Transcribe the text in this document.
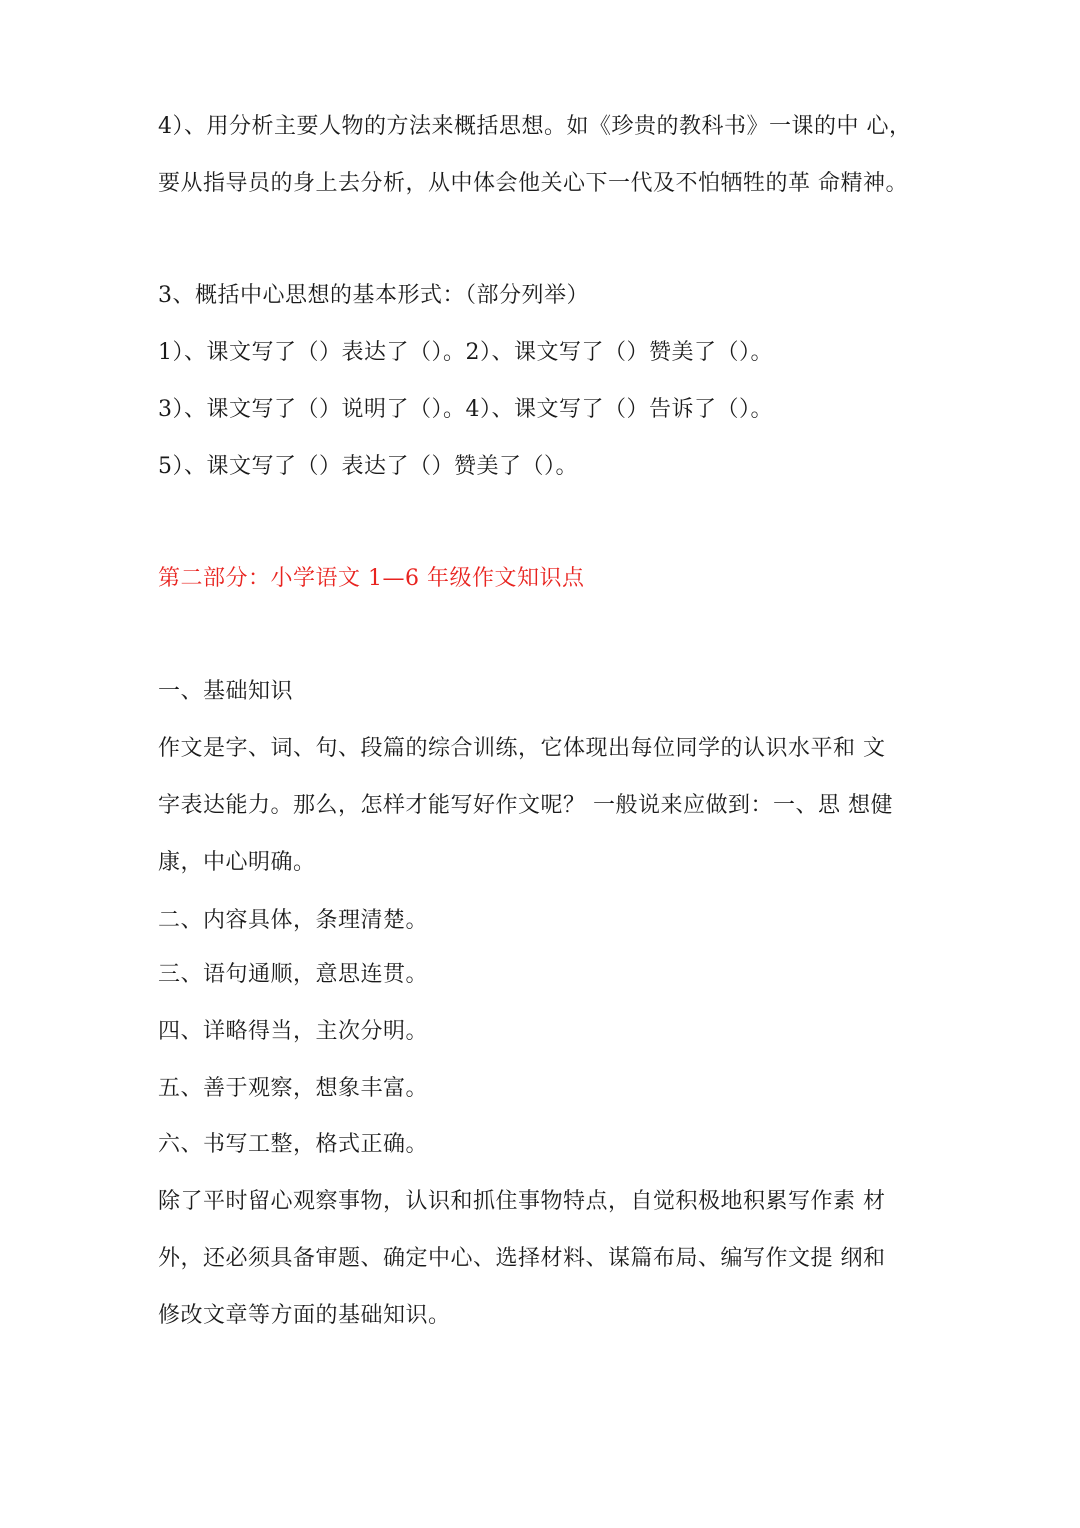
4）、用分析主要人物的方法来概括思想。如《珍贵的教科书》一课的中 心，
要从指导员的身上去分析，从中体会他关心下一代及不怕牺牲的革 命精神。
3、概括中心思想的基本形式：（部分列举）
1）、课文写了（）表达了（）。2）、课文写了（）赞美了（）。
3）、课文写了（）说明了（）。4）、课文写了（）告诉了（）。
5）、课文写了（）表达了（）赞美了（）。
第二部分：小学语文 1—6 年级作文知识点
一、基础知识
作文是字、词、句、段篇的综合训练，它体现出每位同学的认识水平和 文
字表达能力。那么，怎样才能写好作文呢？ 一般说来应做到：一、思 想健
康，中心明确。
二、内容具体，条理清楚。
三、语句通顺，意思连贯。
四、详略得当，主次分明。
五、善于观察，想象丰富。
六、书写工整，格式正确。
除了平时留心观察事物，认识和抓住事物特点，自觉积极地积累写作素 材
外，还必须具备审题、确定中心、选择材料、谋篇布局、编写作文提 纲和
修改文章等方面的基础知识。
